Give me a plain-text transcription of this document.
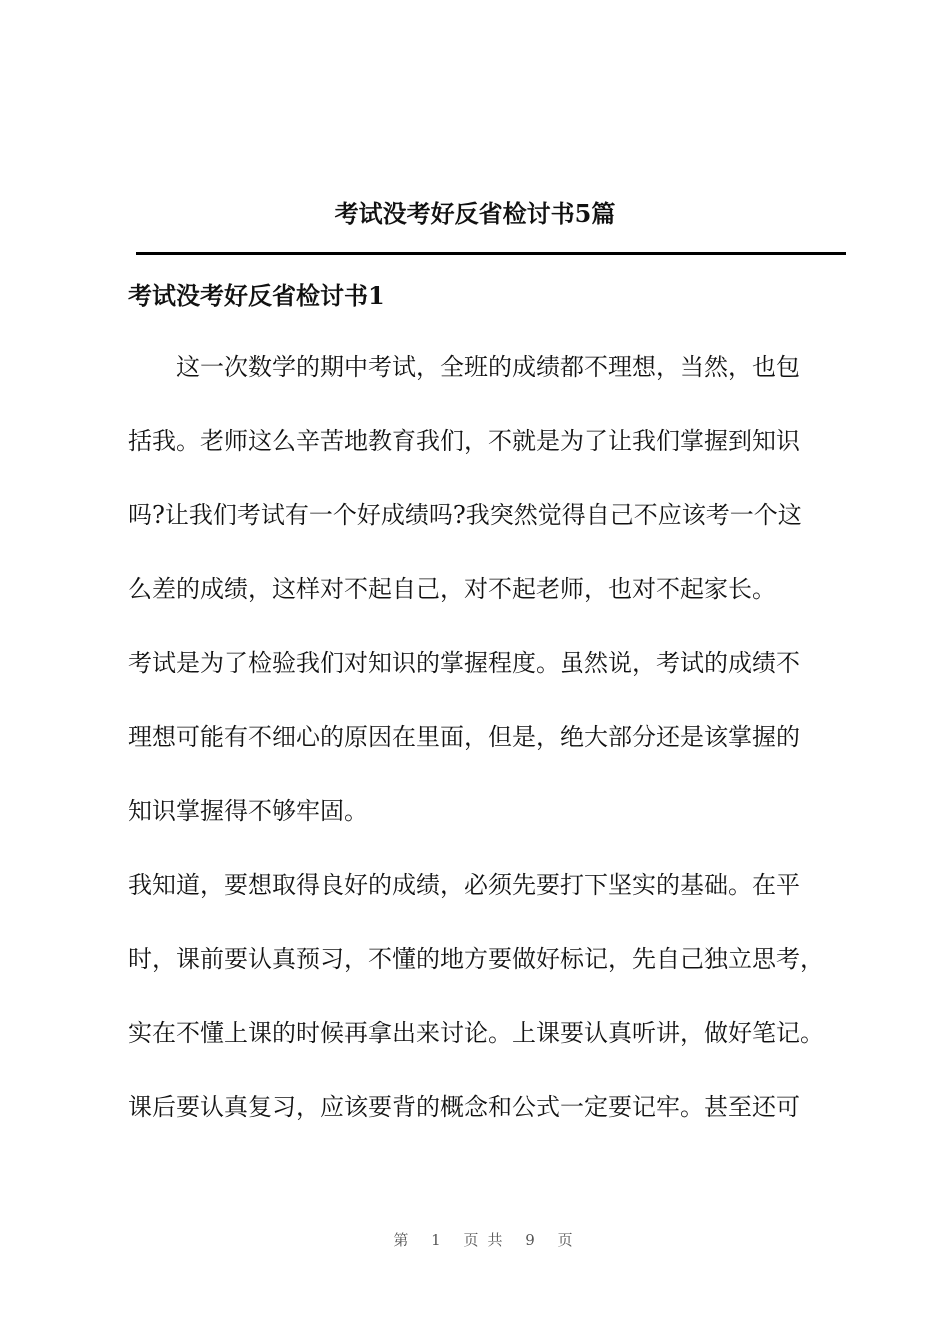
考试没考好反省检讨书5篇
考试没考好反省检讨书1
　　这一次数学的期中考试，全班的成绩都不理想，当然，也包
括我。老师这么辛苦地教育我们，不就是为了让我们掌握到知识
吗?让我们考试有一个好成绩吗?我突然觉得自己不应该考一个这
么差的成绩，这样对不起自己，对不起老师，也对不起家长。
考试是为了检验我们对知识的掌握程度。虽然说，考试的成绩不
理想可能有不细心的原因在里面，但是，绝大部分还是该掌握的
知识掌握得不够牢固。
我知道，要想取得良好的成绩，必须先要打下坚实的基础。在平
时，课前要认真预习，不懂的地方要做好标记，先自己独立思考，
实在不懂上课的时候再拿出来讨论。上课要认真听讲，做好笔记。
课后要认真复习，应该要背的概念和公式一定要记牢。甚至还可
第 1 页共 9 页
